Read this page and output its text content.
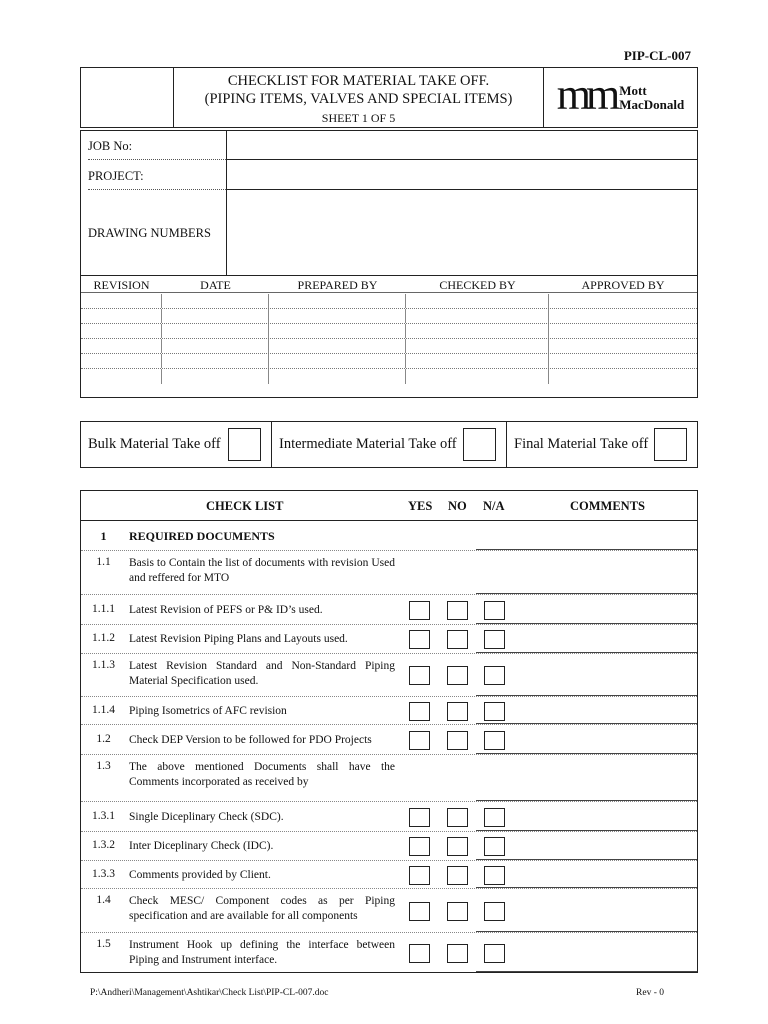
PIP-CL-007
CHECKLIST FOR MATERIAL TAKE OFF.
(PIPING ITEMS, VALVES AND SPECIAL ITEMS)
SHEET 1 OF 5	mm Mott
MacDonald
JOB No:
PROJECT:
DRAWING NUMBERS
REVISION	DATE	PREPARED BY	CHECKED BY	APPROVED BY
Bulk Material Take off	Intermediate Material Take off	Final Material Take off
CHECK LIST	YES NO N/A	COMMENTS
1	REQUIRED DOCUMENTS
1.1	Basis to Contain the list of documents with revision Used and reffered for MTO
1.1.1	Latest Revision of PEFS or P& ID’s used.
1.1.2	Latest Revision Piping Plans and Layouts used.
1.1.3	Latest Revision Standard and Non-Standard Piping Material Specification used.
1.1.4	Piping Isometrics of AFC revision
1.2	Check DEP Version to be followed for PDO Projects
1.3	The above mentioned Documents shall have the Comments incorporated as received by
1.3.1	Single Diceplinary Check (SDC).
1.3.2	Inter Diceplinary Check (IDC).
1.3.3	Comments provided by Client.
1.4	Check MESC/ Component codes as per Piping specification and are available for all components
1.5	Instrument Hook up defining the interface between Piping and Instrument interface.
P:\Andheri\Management\Ashtikar\Check List\PIP-CL-007.doc	Rev - 0
